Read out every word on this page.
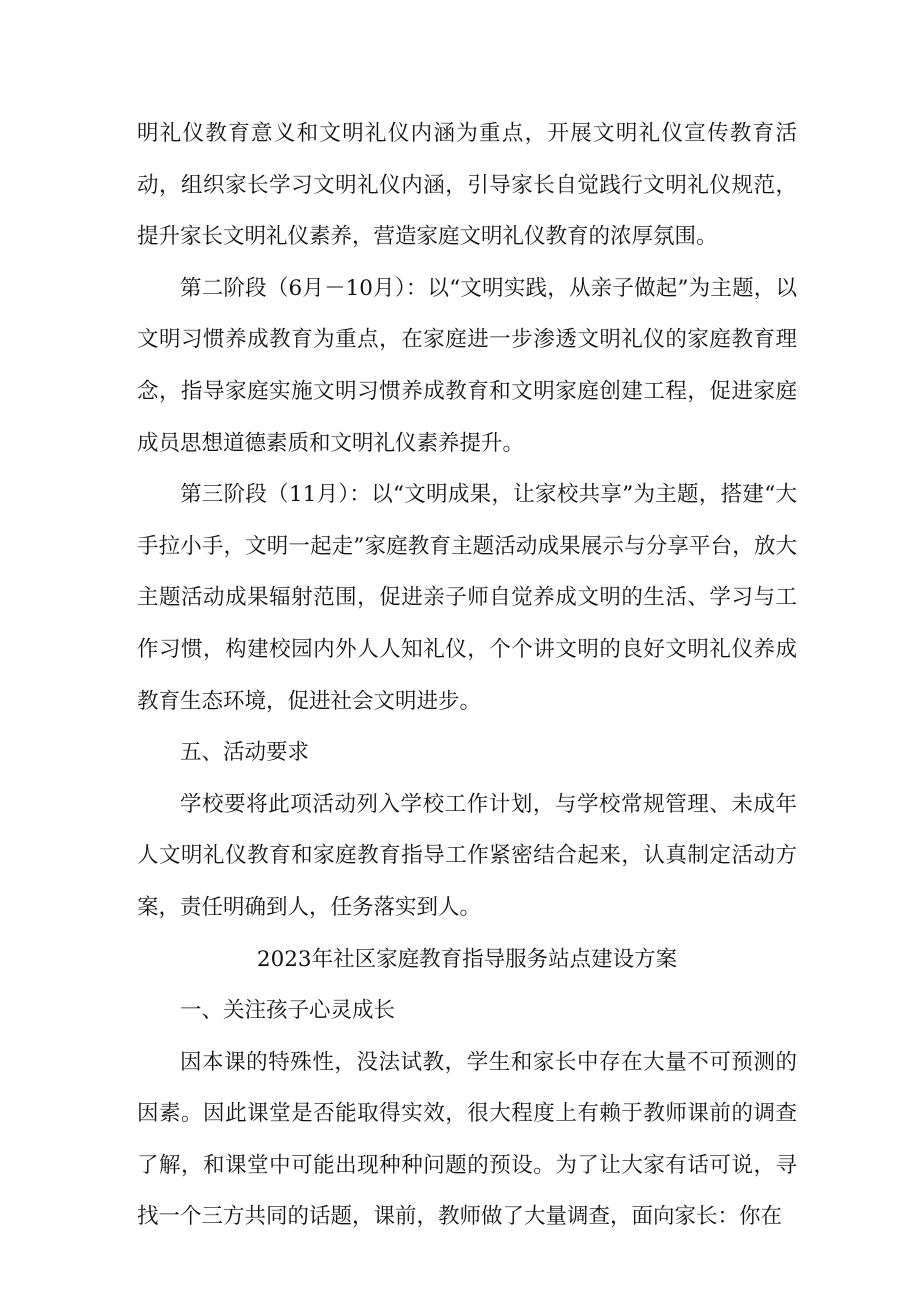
明礼仪教育意义和文明礼仪内涵为重点，开展文明礼仪宣传教育活动，组织家长学习文明礼仪内涵，引导家长自觉践行文明礼仪规范，提升家长文明礼仪素养，营造家庭文明礼仪教育的浓厚氛围。

第二阶段（6月－10月）：以“文明实践，从亲子做起”为主题，以文明习惯养成教育为重点，在家庭进一步渗透文明礼仪的家庭教育理念，指导家庭实施文明习惯养成教育和文明家庭创建工程，促进家庭成员思想道德素质和文明礼仪素养提升。

第三阶段（11月）：以“文明成果，让家校共享”为主题，搭建“大手拉小手，文明一起走”家庭教育主题活动成果展示与分享平台，放大主题活动成果辐射范围，促进亲子师自觉养成文明的生活、学习与工作习惯，构建校园内外人人知礼仪，个个讲文明的良好文明礼仪养成教育生态环境，促进社会文明进步。

五、活动要求

学校要将此项活动列入学校工作计划，与学校常规管理、未成年人文明礼仪教育和家庭教育指导工作紧密结合起来，认真制定活动方案，责任明确到人，任务落实到人。

2023年社区家庭教育指导服务站点建设方案

一、关注孩子心灵成长

因本课的特殊性，没法试教，学生和家长中存在大量不可预测的因素。因此课堂是否能取得实效，很大程度上有赖于教师课前的调查了解，和课堂中可能出现种种问题的预设。为了让大家有话可说，寻找一个三方共同的话题，课前，教师做了大量调查，面向家长：你在
